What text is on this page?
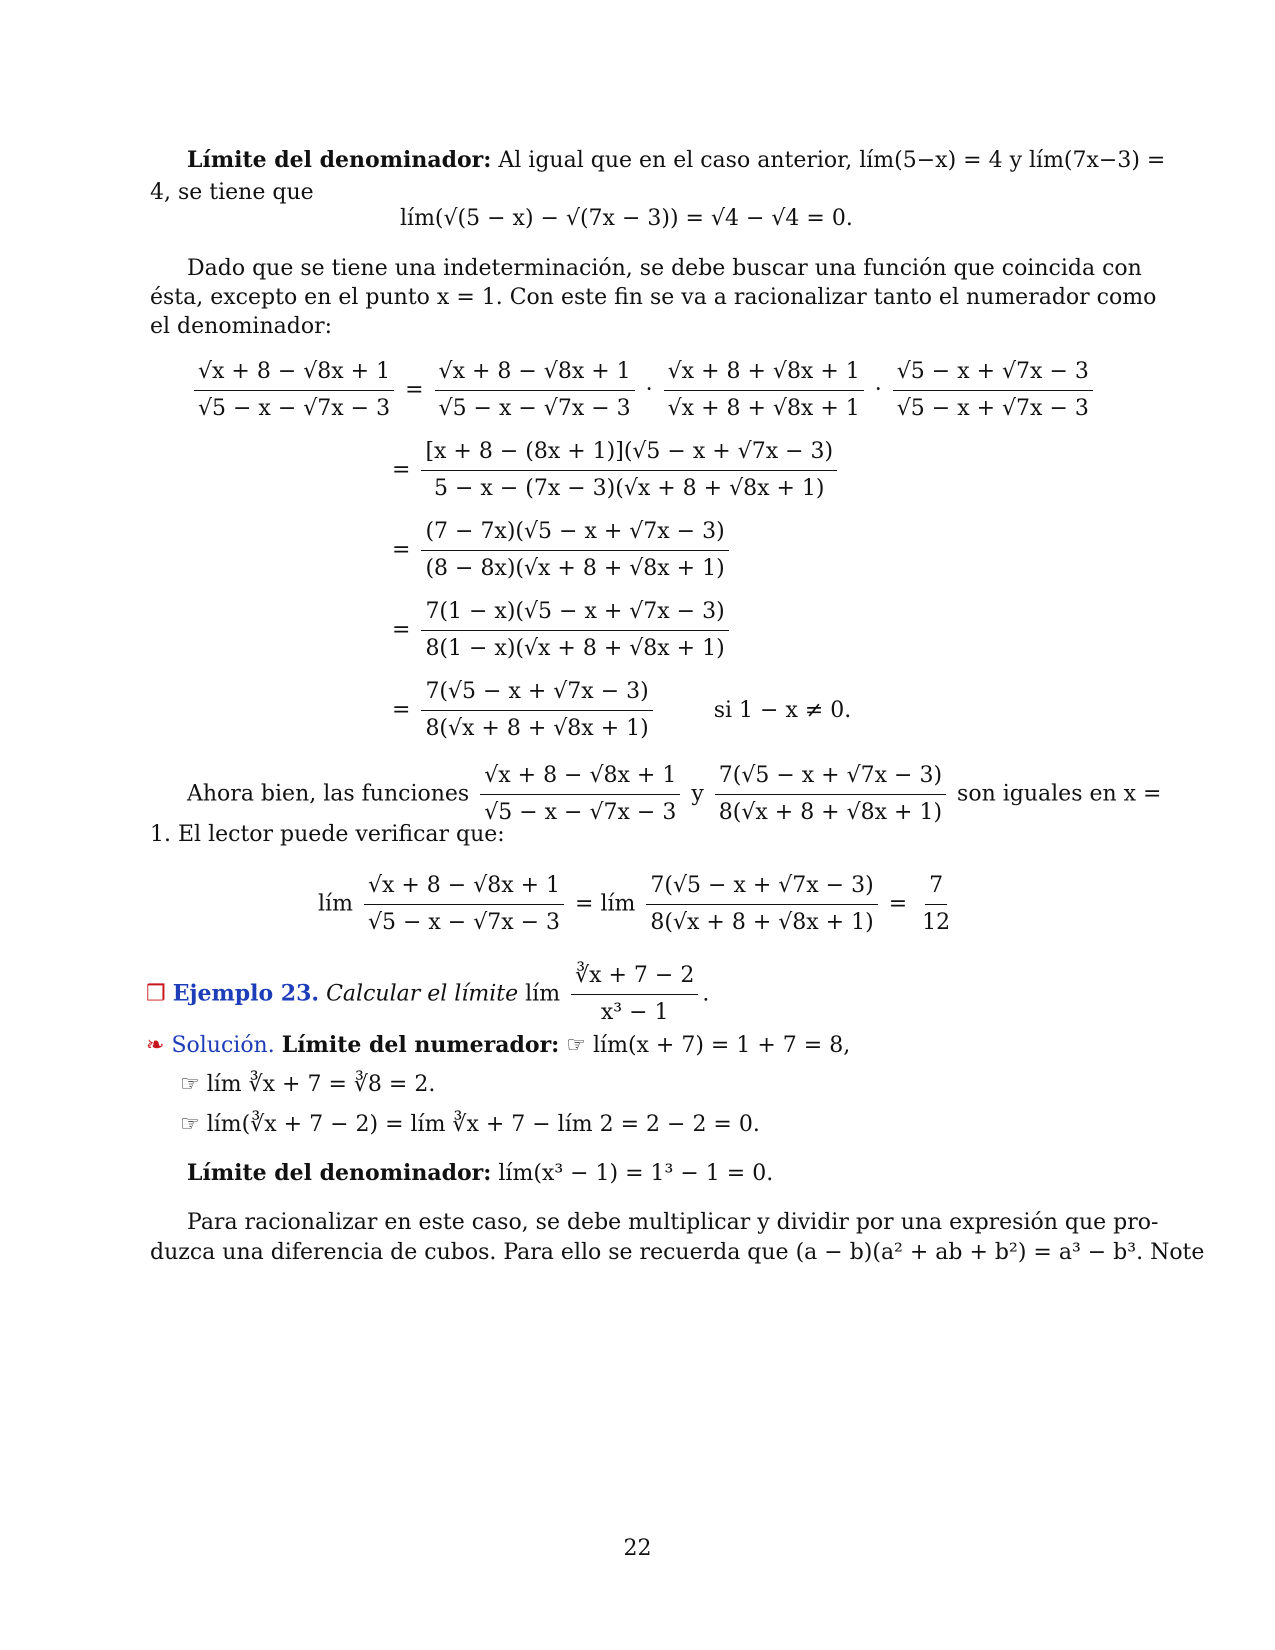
Límite del denominador: Al igual que en el caso anterior, lím(5−x) = 4 y lím(7x−3) =
4, se tiene que
lím(√(5 − x) − √(7x − 3)) = √4 − √4 = 0.
Dado que se tiene una indeterminación, se debe buscar una función que coincida con
ésta, excepto en el punto x = 1. Con este fin se va a racionalizar tanto el numerador como
el denominador:
$\frac{√x + 8 - √8x + 1}{√5 - x - √7x - 3} = \frac{√x + 8 - √8x + 1}{√5 - x - √7x - 3} \cdot \frac{√x + 8 + √8x + 1}{√x + 8 + √8x + 1} \cdot \frac{√5 - x + √7x - 3}{√5 - x + √7x - 3}$
= $\frac{[x + 8 - (8x + 1)](√5 - x + √7x - 3)}{5 - x - (7x - 3)(√x + 8 + √8x + 1)}$
= $\frac{(7 - 7x)(√5 - x + √7x - 3)}{(8 - 8x)(√x + 8 + √8x + 1)}$
= $\frac{7(1 - x)(√5 - x + √7x - 3)}{8(1 - x)(√x + 8 + √8x + 1)}$
= $\frac{7(√5 - x + √7x - 3)}{8(√x + 8 + √8x + 1)}$	si 1 − x ≠ 0.
Ahora bien, las funciones $\frac{√x + 8 - √8x + 1}{√5 - x - √7x - 3}$ y $\frac{7(√5 - x + √7x - 3)}{8(√x + 8 + √8x + 1)}$ son iguales en x =
1. El lector puede verificar que:
lím $\frac{√x + 8 - √8x + 1}{√5 - x - √7x - 3}$ = lím $\frac{7(√5 - x + √7x - 3)}{8(√x + 8 + √8x + 1)} = \frac{7}{12}$
❒ Ejemplo 23. Calcular el límite lím $\frac{∛x + 7 - 2}{\text{x³ − 1}}$ .
❧ Solución. Límite del numerador: ☞ lím(x + 7) = 1 + 7 = 8,
☞ lím ∛x + 7 = ∛8 = 2.
☞ lím(∛x + 7 − 2) = lím ∛x + 7 − lím 2 = 2 − 2 = 0.
Límite del denominador: lím(x³ − 1) = 1³ − 1 = 0.
Para racionalizar en este caso, se debe multiplicar y dividir por una expresión que pro-
duzca una diferencia de cubos. Para ello se recuerda que (a − b)(a² + ab + b²) = a³ − b³. Note
22
